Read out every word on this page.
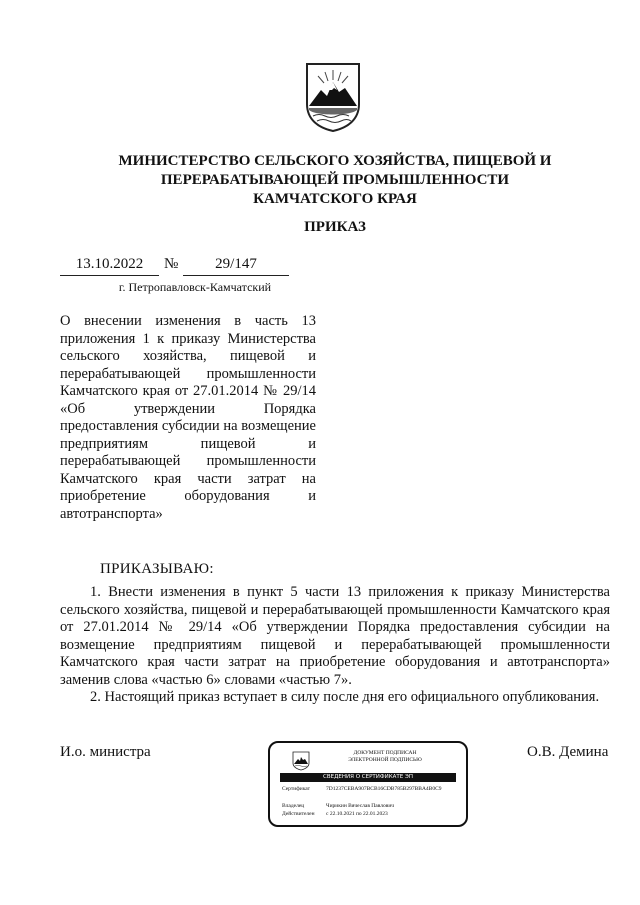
МИНИСТЕРСТВО СЕЛЬСКОГО ХОЗЯЙСТВА, ПИЩЕВОЙ И
ПЕРЕРАБАТЫВАЮЩЕЙ ПРОМЫШЛЕННОСТИ
КАМЧАТСКОГО КРАЯ
ПРИКАЗ
13.10.2022	№	29/147
г. Петропавловск-Камчатский
О внесении изменения в часть 13 приложения 1 к приказу Министерства сельского хозяйства, пищевой и перерабатывающей промышленности Камчатского края от 27.01.2014 № 29/14 «Об утверждении Порядка предоставления субсидии на возмещение предприятиям пищевой и перерабатывающей промышленности Камчатского края части затрат на приобретение оборудования и автотранспорта»
ПРИКАЗЫВАЮ:

1. Внести изменения в пункт 5 части 13 приложения к приказу Министерства сельского хозяйства, пищевой и перерабатывающей промышленности Камчатского края от 27.01.2014 № 29/14 «Об утверждении Порядка предоставления субсидии на возмещение предприятиям пищевой и перерабатывающей промышленности Камчатского края части затрат на приобретение оборудования и автотранспорта» заменив слова «частью 6» словами «частью 7».

2. Настоящий приказ вступает в силу после дня его официального опубликования.

И.о. министра	О.В. Демина
ДОКУМЕНТ ПОДПИСАН
ЭЛЕКТРОННОЙ ПОДПИСЬЮ
СВЕДЕНИЯ О СЕРТИФИКАТЕ ЭП
Сертификат	7D1237CEBA907BCB16CDB785B297BBA4B0C9
Владелец	Чирикин Вячеслав Павлович
Действителен	с 22.10.2021 по 22.01.2023
